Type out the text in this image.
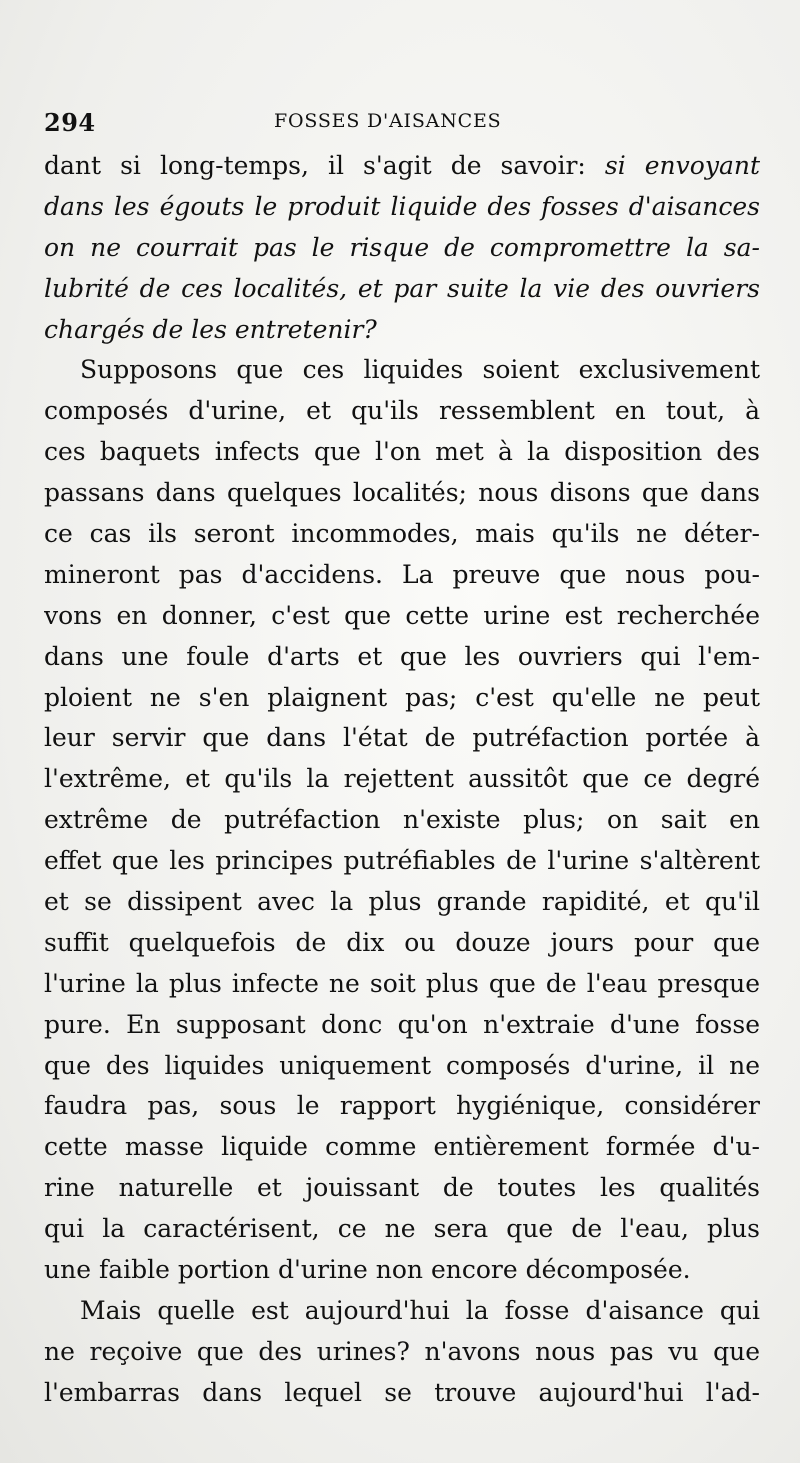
294	FOSSES D'AISANCES
dant si long-temps, il s'agit de savoir: si envoyant
dans les égouts le produit liquide des fosses d'aisances
on ne courrait pas le risque de compromettre la sa-
lubrité de ces localités, et par suite la vie des ouvriers
chargés de les entretenir?
Supposons que ces liquides soient exclusivement
composés d'urine, et qu'ils ressemblent en tout, à
ces baquets infects que l'on met à la disposition des
passans dans quelques localités; nous disons que dans
ce cas ils seront incommodes, mais qu'ils ne déter-
mineront pas d'accidens. La preuve que nous pou-
vons en donner, c'est que cette urine est recherchée
dans une foule d'arts et que les ouvriers qui l'em-
ploient ne s'en plaignent pas; c'est qu'elle ne peut
leur servir que dans l'état de putréfaction portée à
l'extrême, et qu'ils la rejettent aussitôt que ce degré
extrême de putréfaction n'existe plus; on sait en
effet que les principes putréfiables de l'urine s'altèrent
et se dissipent avec la plus grande rapidité, et qu'il
suffit quelquefois de dix ou douze jours pour que
l'urine la plus infecte ne soit plus que de l'eau presque
pure. En supposant donc qu'on n'extraie d'une fosse
que des liquides uniquement composés d'urine, il ne
faudra pas, sous le rapport hygiénique, considérer
cette masse liquide comme entièrement formée d'u-
rine naturelle et jouissant de toutes les qualités
qui la caractérisent, ce ne sera que de l'eau, plus
une faible portion d'urine non encore décomposée.
Mais quelle est aujourd'hui la fosse d'aisance qui
ne reçoive que des urines? n'avons nous pas vu que
l'embarras dans lequel se trouve aujourd'hui l'ad-
